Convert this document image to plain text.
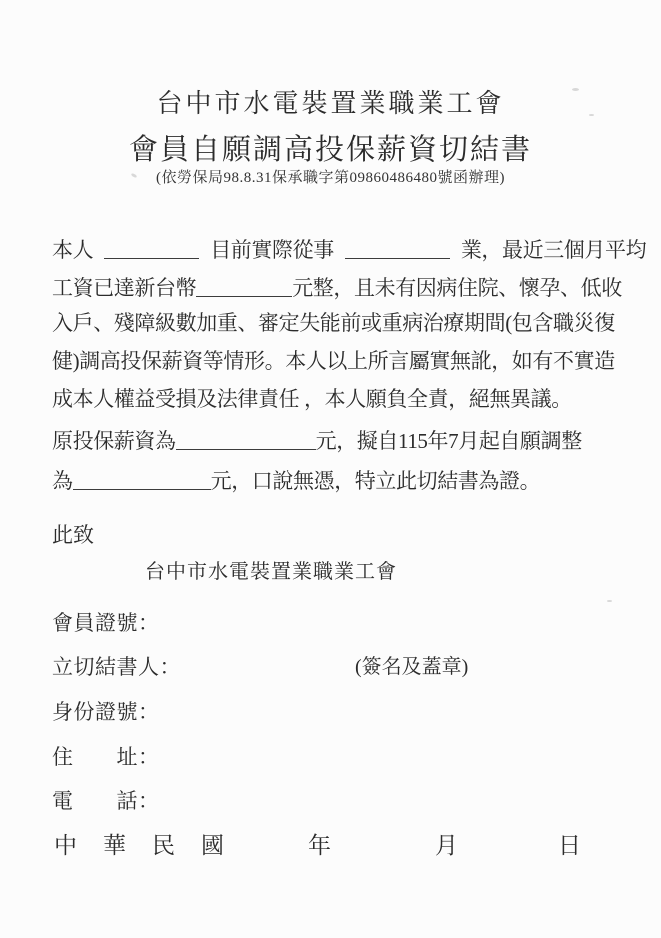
台中市水電裝置業職業工會
會員自願調高投保薪資切結書
(依勞保局98.8.31保承職字第09860486480號函辦理)
本人	目前實際從事	業，最近三個月平均
工資已達新台幣	元整，且未有因病住院、懷孕、低收
入戶、殘障級數加重、審定失能前或重病治療期間(包含職災復
健)調高投保薪資等情形。本人以上所言屬實無訛，如有不實造
成本人權益受損及法律責任 ，本人願負全責，絕無異議。
原投保薪資為	元，擬自115年7月起自願調整
為	元，口說無憑，特立此切結書為證。
此致
台中市水電裝置業職業工會
會員證號：
立切結書人：	(簽名及蓋章)
身份證號：
住　　址：
電　　話：
中華民國	年	月	日
